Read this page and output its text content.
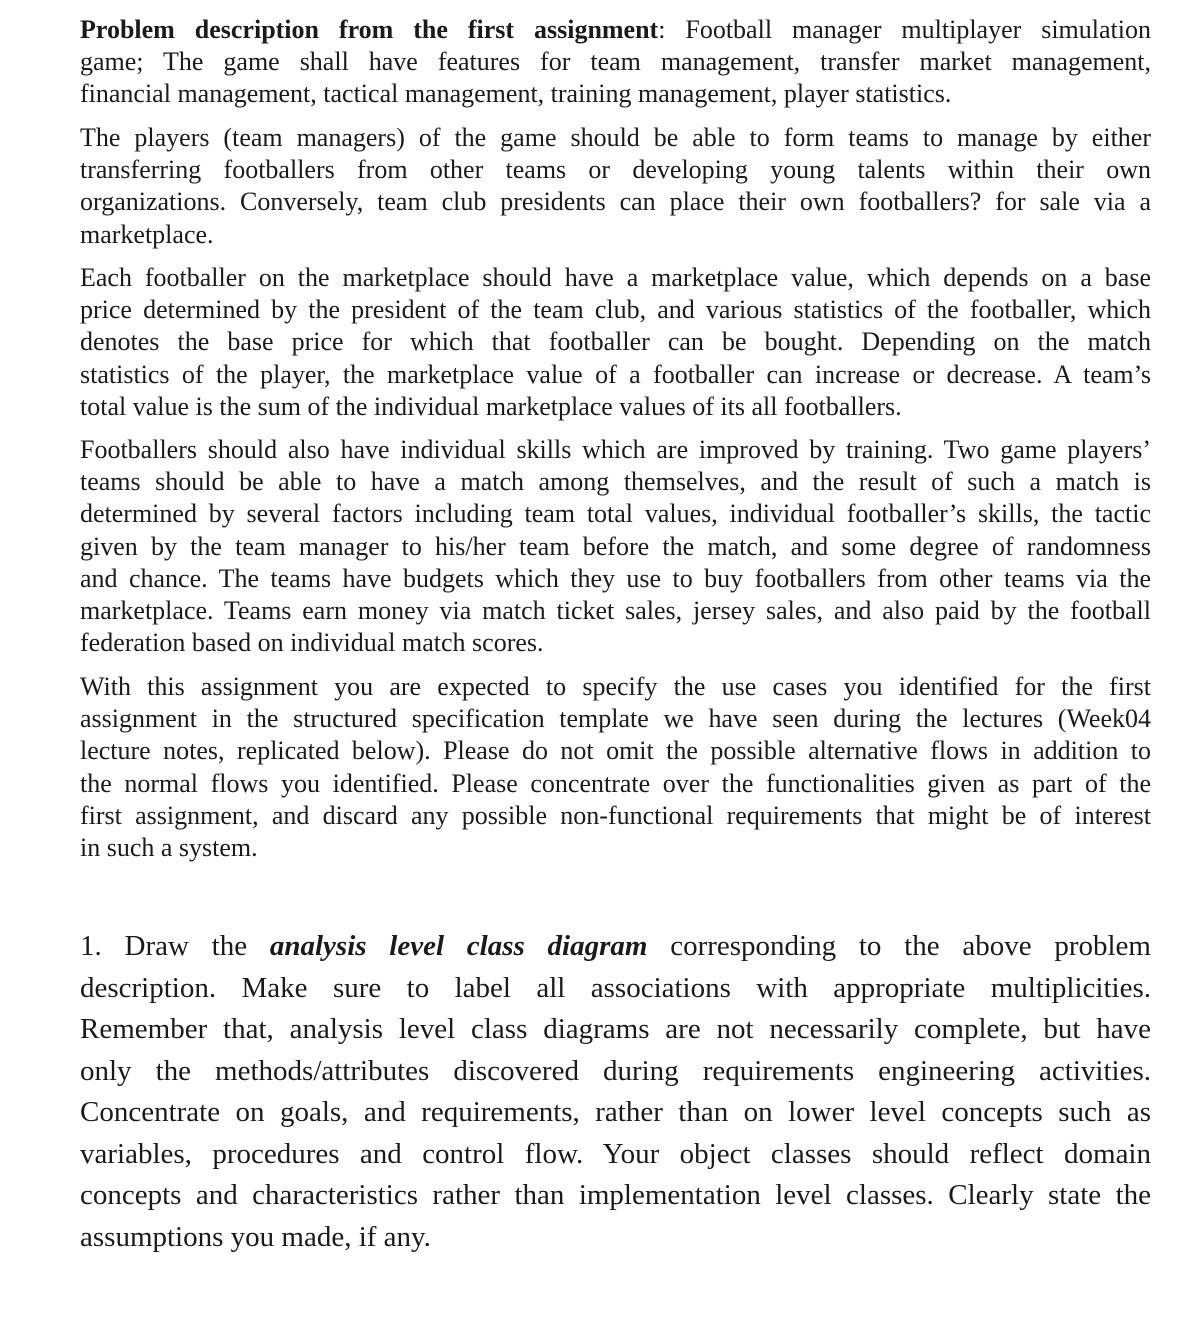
Problem description from the first assignment: Football manager multiplayer simulation
game; The game shall have features for team management, transfer market management,
financial management, tactical management, training management, player statistics.
The players (team managers) of the game should be able to form teams to manage by either
transferring footballers from other teams or developing young talents within their own
organizations. Conversely, team club presidents can place their own footballers? for sale via a
marketplace.
Each footballer on the marketplace should have a marketplace value, which depends on a base
price determined by the president of the team club, and various statistics of the footballer, which
denotes the base price for which that footballer can be bought. Depending on the match
statistics of the player, the marketplace value of a footballer can increase or decrease. A team’s
total value is the sum of the individual marketplace values of its all footballers.
Footballers should also have individual skills which are improved by training. Two game players’
teams should be able to have a match among themselves, and the result of such a match is
determined by several factors including team total values, individual footballer’s skills, the tactic
given by the team manager to his/her team before the match, and some degree of randomness
and chance. The teams have budgets which they use to buy footballers from other teams via the
marketplace. Teams earn money via match ticket sales, jersey sales, and also paid by the football
federation based on individual match scores.
With this assignment you are expected to specify the use cases you identified for the first
assignment in the structured specification template we have seen during the lectures (Week04
lecture notes, replicated below). Please do not omit the possible alternative flows in addition to
the normal flows you identified. Please concentrate over the functionalities given as part of the
first assignment, and discard any possible non-functional requirements that might be of interest
in such a system.
1. Draw the analysis level class diagram corresponding to the above problem
description. Make sure to label all associations with appropriate multiplicities.
Remember that, analysis level class diagrams are not necessarily complete, but have
only the methods/attributes discovered during requirements engineering activities.
Concentrate on goals, and requirements, rather than on lower level concepts such as
variables, procedures and control flow. Your object classes should reflect domain
concepts and characteristics rather than implementation level classes. Clearly state the
assumptions you made, if any.
